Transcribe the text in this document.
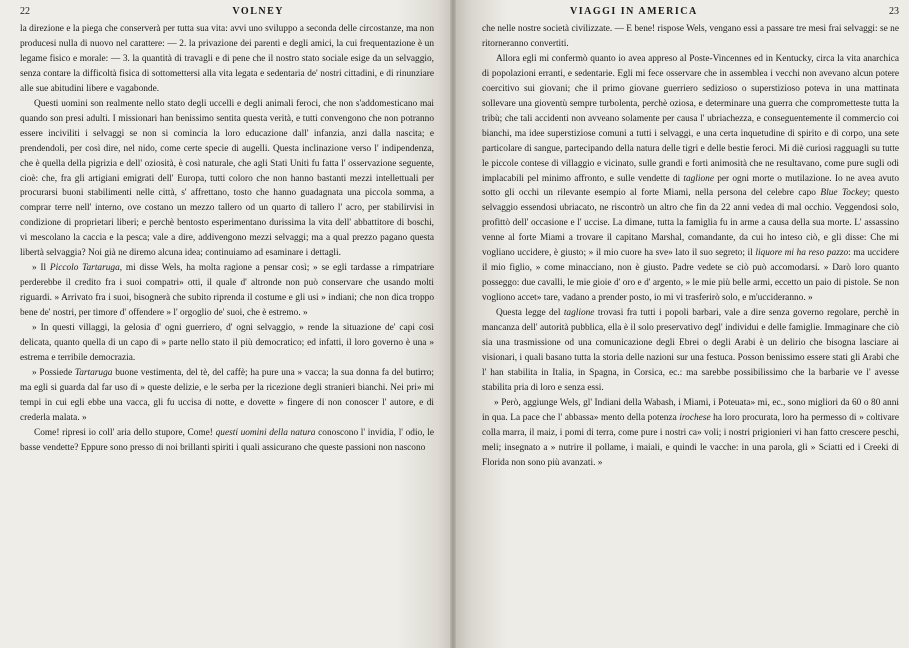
22	VOLNEY

la direzione e la piega che conserverà per tutta sua vita: avvi uno sviluppo a seconda delle circostanze, ma non producesi nulla di nuovo nel carattere: — 2. la privazione dei parenti e degli amici, la cui frequentazione è un legame fisico e morale: — 3. la quantità di travagli e di pene che il nostro stato sociale esige da un selvaggio, senza contare la difficoltà fisica di sottomettersi alla vita legata e sedentaria de' nostri cittadini, e di rinunziare alle sue abitudini libere e vagabonde.

Questi uomini son realmente nello stato degli uccelli e degli animali feroci, che non s'addomesticano mai quando son presi adulti. I missionari han benissimo sentita questa verità, e tutti convengono che non potranno essere inciviliti i selvaggi se non si comincia la loro educazione dall' infanzia, anzi dalla nascita; e prendendoli, per così dire, nel nido, come certe specie di augelli. Questa inclinazione verso l' indipendenza, che è quella della pigrizia e dell' oziosità, è così naturale, che agli Stati Uniti fu fatta l' osservazione seguente, cioè: che, fra gli artigiani emigrati dell' Europa, tutti coloro che non hanno bastanti mezzi intellettuali per procurarsi buoni stabilimenti nelle città, s' affrettano, tosto che hanno guadagnata una piccola somma, a comprar terre nell' interno, ove costano un mezzo tallero od un quarto di tallero l' acro, per stabilirvisi in condizione di proprietari liberi; e perchè bentosto esperimentano durissima la vita dell' abbattitore di boschi, vi mescolano la caccia e la pesca; vale a dire, addivengono mezzi selvaggi; ma a qual prezzo pagano questa libertà selvaggia? Noi già ne diremo alcuna idea; continuiamo ad esaminare i dettagli.

» Il Piccolo Tartaruga, mi disse Wels, ha molta ragione a pensar così; » se egli tardasse a rimpatriare perderebbe il credito fra i suoi compatri» otti, il quale d' altronde non può conservare che usando molti riguardi. » Arrivato fra i suoi, bisognerà che subito riprenda il costume e gli usi » indiani; che non dica troppo bene de' nostri, per timore d' offendere » l' orgoglio de' suoi, che è estremo. »

» In questi villaggi, la gelosia d' ogni guerriero, d' ogni selvaggio, » rende la situazione de' capi così delicata, quanto quella di un capo di » parte nello stato il più democratico; ed infatti, il loro governo è una » estrema e terribile democrazia.

» Possiede Tartaruga buone vestimenta, del tè, del caffè; ha pure una » vacca; la sua donna fa del butirro; ma egli si guarda dal far uso di » queste delizie, e le serba per la ricezione degli stranieri bianchi. Nei pri» mi tempi in cui egli ebbe una vacca, gli fu uccisa di notte, e dovette » fingere di non conoscer l' autore, e di crederla malata. »

Come! ripresi io coll' aria dello stupore, Come! questi uomini della natura conoscono l' invidia, l' odio, le basse vendette? Eppure sono presso di noi brillanti spiriti i quali assicurano che queste passioni non nascono

VIAGGI IN AMERICA	23

che nelle nostre società civilizzate. — E bene! rispose Wels, vengano essi a passare tre mesi frai selvaggi: se ne ritorneranno convertiti.

Allora egli mi confermò quanto io avea appreso al Poste-Vincennes ed in Kentucky, circa la vita anarchica di popolazioni erranti, e sedentarie. Egli mi fece osservare che in assemblea i vecchi non avevano alcun potere coercitivo sui giovani; che il primo giovane guerriero sedizioso o superstizioso poteva in una mattinata sollevare una gioventù sempre turbolenta, perchè oziosa, e determinare una guerra che comprometteste tutta la tribù; che tali accidenti non avveano solamente per causa l' ubriachezza, e conseguentemente il commercio coi bianchi, ma idee superstiziose comuni a tutti i selvaggi, e una certa inquetudine di spirito e di corpo, una sete particolare di sangue, partecipando della natura delle tigri e delle bestie feroci. Mi diè curiosi ragguagli su tutte le piccole contese di villaggio e vicinato, sulle grandi e forti animosità che ne resultavano, come pure sugli odi implacabili pel minimo affronto, e sulle vendette di taglione per ogni morte o mutilazione. Io ne avea avuto sotto gli occhi un rilevante esempio al forte Miami, nella persona del celebre capo Blue Tockey; questo selvaggio essendosi ubriacato, ne riscontrò un altro che fin da 22 anni vedea di mal occhio. Veggendosi solo, profittò dell' occasione e l' uccise. La dimane, tutta la famiglia fu in arme a causa della sua morte. L' assassino venne al forte Miami a trovare il capitano Marshal, comandante, da cui ho inteso ciò, e gli disse: Che mi vogliano uccidere, è giusto; » il mio cuore ha sve» lato il suo segreto; il liquore mi ha reso pazzo: ma uccidere il mio figlio, » come minacciano, non è giusto. Padre vedete se ciò può accomodarsi. » Darò loro quanto posseggo: due cavalli, le mie gioie d' oro e d' argento, » le mie più belle armi, eccetto un paio di pistole. Se non vogliono accet» tare, vadano a prender posto, io mi vi trasferirò solo, e m'uccideranno. »

Questa legge del taglione trovasi fra tutti i popoli barbari, vale a dire senza governo regolare, perchè in mancanza dell' autorità pubblica, ella è il solo preservativo degl' individui e delle famiglie. Immaginare che ciò sia una trasmissione od una comunicazione degli Ebrei o degli Arabi è un delirio che bisogna lasciare ai visionari, i quali basano tutta la storia delle nazioni sur una festuca. Posson benissimo essere stati gli Arabi che l' han stabilita in Italia, in Spagna, in Corsica, ec.: ma sarebbe possibilissimo che la barbarie ve l' avesse stabilita pria di loro e senza essi.

» Però, aggiunge Wels, gl' Indiani della Wabash, i Miami, i Poteuata» mi, ec., sono migliori da 60 o 80 anni in qua. La pace che l' abbassa» mento della potenza irochese ha loro procurata, loro ha permesso di » coltivare colla marra, il maiz, i pomi di terra, come pure i nostri ca» voli; i nostri prigionieri vi han fatto crescere peschi, meli; insegnato a » nutrire il pollame, i maiali, e quindi le vacche: in una parola, gli » Sciatti ed i Creeki di Florida non sono più avanzati. »
